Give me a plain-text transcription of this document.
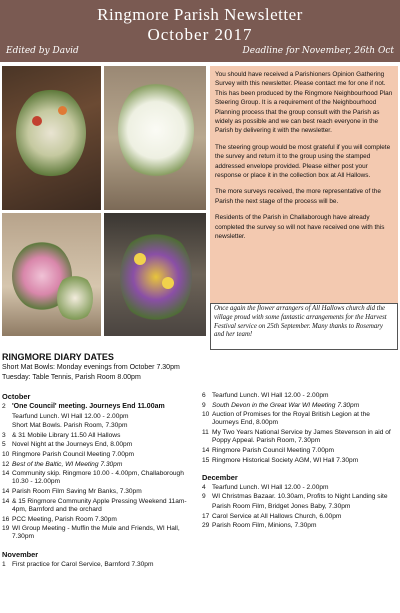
Ringmore Parish Newsletter
October 2017
Edited by David	Deadline for November, 26th Oct

You should have received a Parishioners Opinion Gathering Survey with this newsletter. Please contact me for one if not. This has been produced by the Ringmore Neighbourhood Plan Steering Group. It is a requirement of the Neighbourhood Planning process that the group consult with the Parish as widely as possible and we can best reach everyone in the Parish by delivering it with the newsletter.

The steering group would be most grateful if you will complete the survey and return it to the group using the stamped addressed envelope provided. Please either post your response or place it in the collection box at All Hallows.

The more surveys received, the more representative of the Parish the next stage of the process will be.

Residents of the Parish in Challaborough have already completed the survey so will not have received one with this newsletter.

Once again the flower arrangers of All Hallows church did the village proud with some fantastic arrangements for the Harvest Festival service on 25th September. Many thanks to Rosemary and her team!
RINGMORE DIARY DATES
Short Mat Bowls: Monday evenings from October 7.30pm
Tuesday: Table Tennis, Parish Room 8.00pm
October
2 'One Council' meeting. Journeys End 11.00am
Tearfund Lunch. WI Hall 12.00 - 2.00pm
Short Mat Bowls. Parish Room, 7.30pm
3 & 31 Mobile Library 11.50 All Hallows
5 Novel Night at the Journeys End, 8.00pm
10 Ringmore Parish Council Meeting 7.00pm
12 Best of the Baltic, WI Meeting 7.30pm
14 Community skip. Ringmore 10.00 - 4.00pm, Challaborough 10.30 - 12.00pm
14 Parish Room Film Saving Mr Banks, 7.30pm
14 & 15 Ringmore Community Apple Pressing Weekend 11am-4pm, Barnford and the orchard
16 PCC Meeting, Parish Room 7.30pm
19 WI Group Meeting - Muffin the Mule and Friends, WI Hall, 7.30pm
November
1 First practice for Carol Service, Barnford 7.30pm
6 Tearfund Lunch. WI Hall 12.00 - 2.00pm
9 South Devon in the Great War WI Meeting 7.30pm
10 Auction of Promises for the Royal British Legion at the Journeys End, 8.00pm
11 My Two Years National Service by James Stevenson in aid of Poppy Appeal. Parish Room, 7.30pm
14 Ringmore Parish Council Meeting 7.00pm
15 Ringmore Historical Society AGM, WI Hall 7.30pm
December
4 Tearfund Lunch. WI Hall 12.00 - 2.00pm
9 WI Christmas Bazaar. 10.30am, Profits to Night Landing site
Parish Room Film, Bridget Jones Baby, 7.30pm
17 Carol Service at All Hallows Church, 6.00pm
29 Parish Room Film, Minions, 7.30pm
